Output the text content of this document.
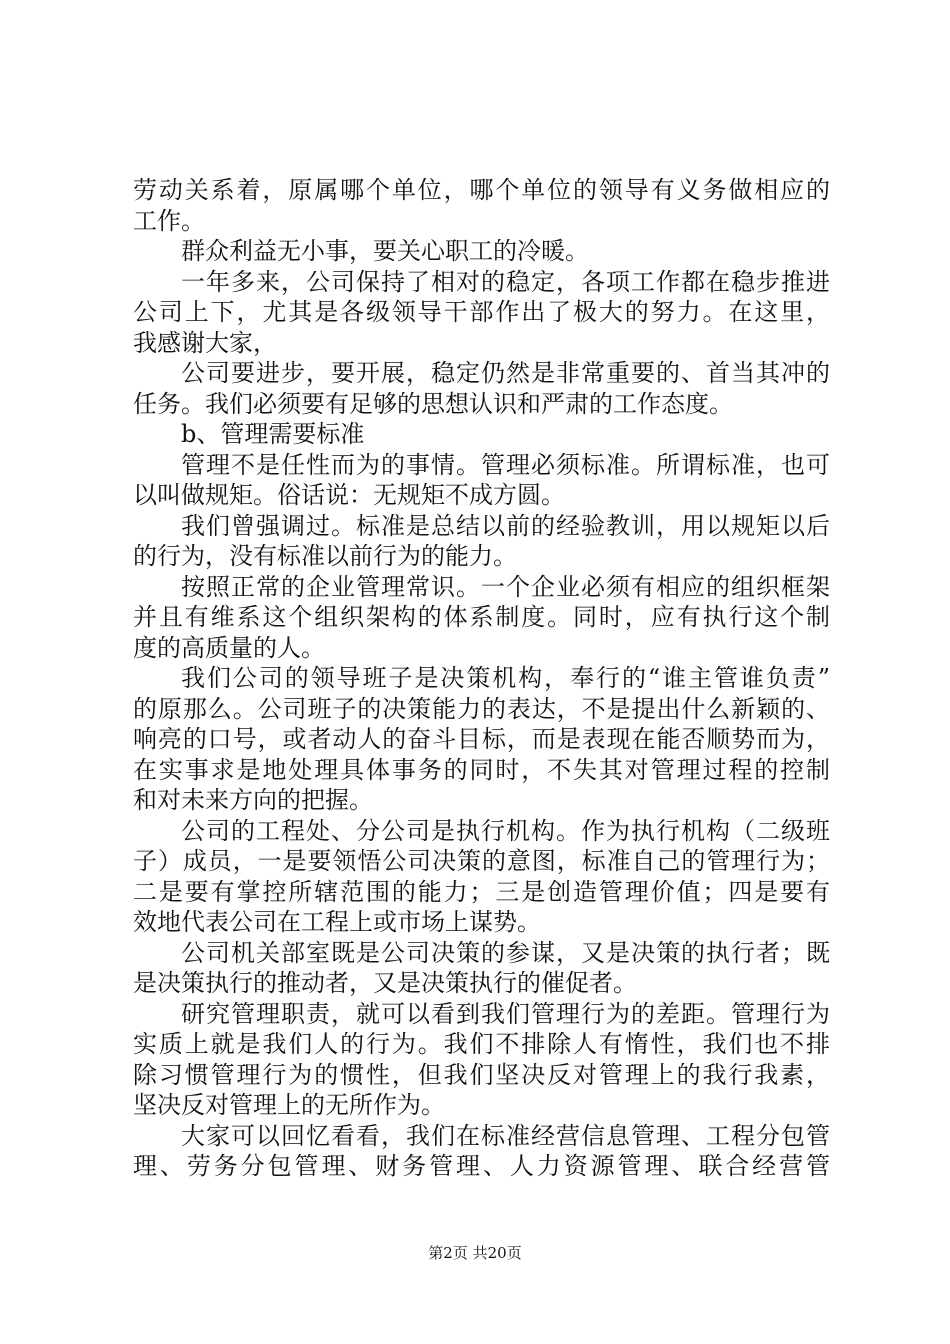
劳动关系着，原属哪个单位，哪个单位的领导有义务做相应的
工作。
群众利益无小事，要关心职工的冷暖。
一年多来，公司保持了相对的稳定，各项工作都在稳步推进
公司上下，尤其是各级领导干部作出了极大的努力。在这里，
我感谢大家，
公司要进步，要开展，稳定仍然是非常重要的、首当其冲的
任务。我们必须要有足够的思想认识和严肃的工作态度。
b、管理需要标准
管理不是任性而为的事情。管理必须标准。所谓标准，也可
以叫做规矩。俗话说：无规矩不成方圆。
我们曾强调过。标准是总结以前的经验教训，用以规矩以后
的行为，没有标准以前行为的能力。
按照正常的企业管理常识。一个企业必须有相应的组织框架
并且有维系这个组织架构的体系制度。同时，应有执行这个制
度的高质量的人。
我们公司的领导班子是决策机构，奉行的“谁主管谁负责”
的原那么。公司班子的决策能力的表达，不是提出什么新颖的、
响亮的口号，或者动人的奋斗目标，而是表现在能否顺势而为，
在实事求是地处理具体事务的同时，不失其对管理过程的控制
和对未来方向的把握。
公司的工程处、分公司是执行机构。作为执行机构（二级班
子）成员，一是要领悟公司决策的意图，标准自己的管理行为；
二是要有掌控所辖范围的能力；三是创造管理价值；四是要有
效地代表公司在工程上或市场上谋势。
公司机关部室既是公司决策的参谋，又是决策的执行者；既
是决策执行的推动者，又是决策执行的催促者。
研究管理职责，就可以看到我们管理行为的差距。管理行为
实质上就是我们人的行为。我们不排除人有惰性，我们也不排
除习惯管理行为的惯性，但我们坚决反对管理上的我行我素，
坚决反对管理上的无所作为。
大家可以回忆看看，我们在标准经营信息管理、工程分包管
理、劳务分包管理、财务管理、人力资源管理、联合经营管
第2页 共20页
